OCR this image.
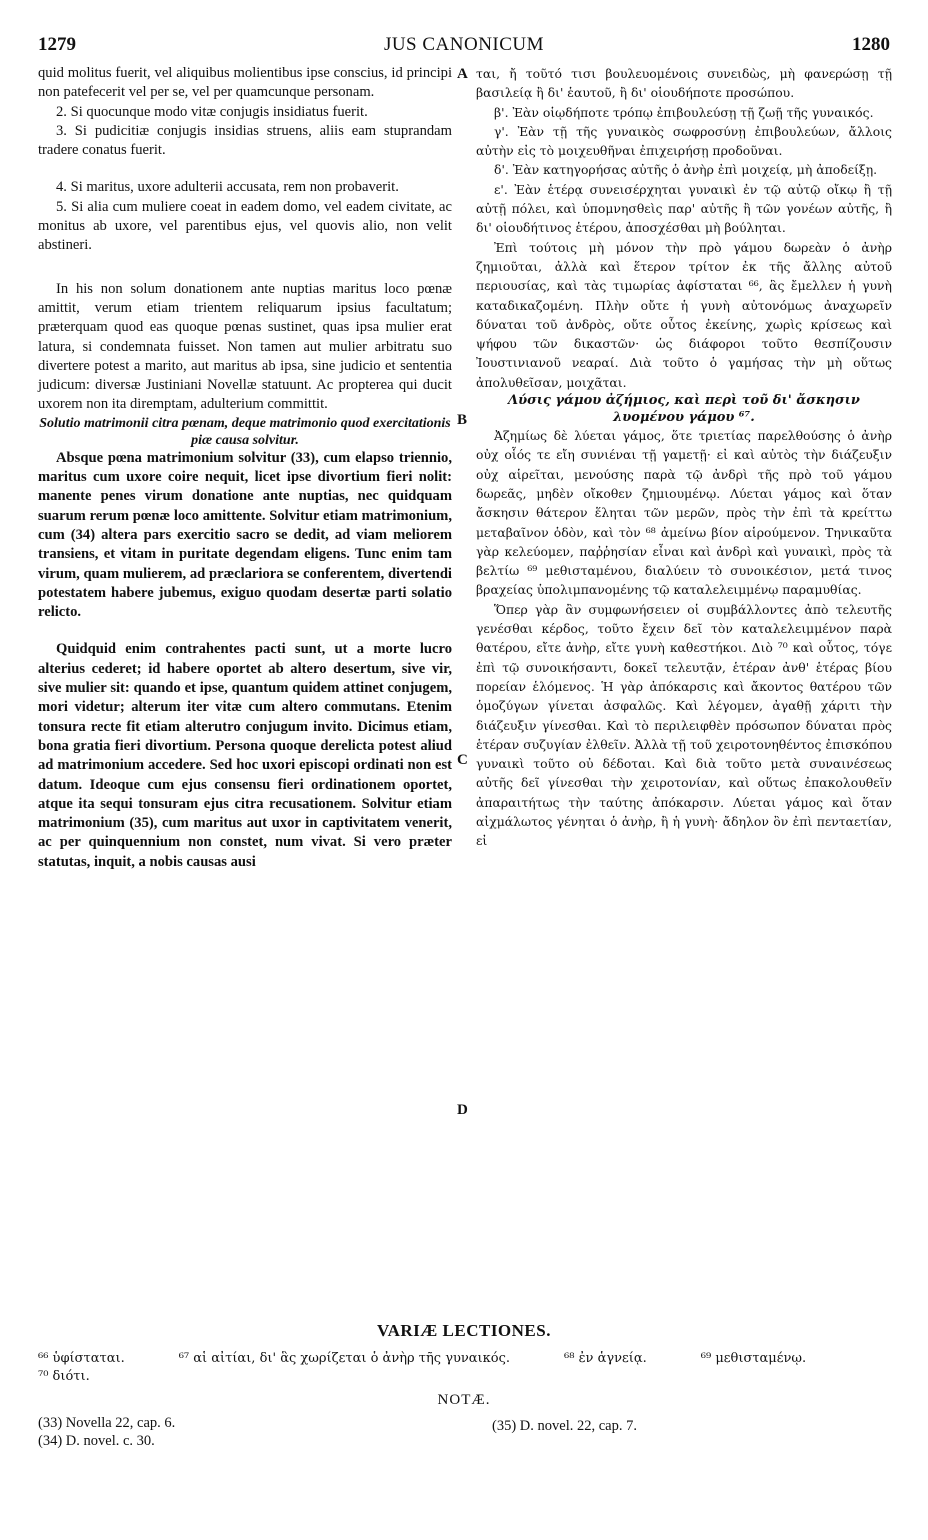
1279	JUS CANONICUM	1280

quid molitus fuerit, vel aliquibus molientibus ipse conscius, id principi non patefecerit vel per se, vel per quamcunque personam.

2. Si quocunque modo vitæ conjugis insidiatus fuerit.

3. Si pudicitiæ conjugis insidias struens, aliis eam stuprandam tradere conatus fuerit.

4. Si maritus, uxore adulterii accusata, rem non probaverit.

5. Si alia cum muliere coeat in eadem domo, vel eadem civitate, ac monitus ab uxore, vel parentibus ejus, vel quovis alio, non velit abstineri.

In his non solum donationem ante nuptias maritus loco pœnæ amittit, verum etiam trientem reliquarum ipsius facultatum; præterquam quod eas quoque pœnas sustinet, quas ipsa mulier erat latura, si condemnata fuisset. Non tamen aut mulier arbitratu suo divertere potest a marito, aut maritus ab ipsa, sine judicio et sententia judicum: diversæ Justiniani Novellæ statuunt. Ac propterea qui ducit uxorem non ita diremptam, adulterium committit.

Solutio matrimonii citra pœnam, deque matrimonio quod exercitationis piæ causa solvitur.

Absque pœna matrimonium solvitur (33), cum elapso triennio, maritus cum uxore coire nequit, licet ipse divortium fieri nolit: manente penes virum donatione ante nuptias, nec quidquam suarum rerum pœnæ loco amittente. Solvitur etiam matrimonium, cum (34) altera pars exercitio sacro se dedit, ad viam meliorem transiens, et vitam in puritate degendam eligens. Tunc enim tam virum, quam mulierem, ad præclariora se conferentem, divertendi potestatem habere jubemus, exiguo quodam desertæ parti solatio relicto.

Quidquid enim contrahentes pacti sunt, ut a morte lucro alterius cederet; id habere oportet ab altero desertum, sive vir, sive mulier sit: quando et ipse, quantum quidem attinet conjugem, mori videtur; alterum iter vitæ cum altero commutans. Etenim tonsura recte fit etiam alterutro conjugum invito. Dicimus etiam, bona gratia fieri divortium. Persona quoque derelicta potest aliud ad matrimonium accedere. Sed hoc uxori episcopi ordinati non est datum. Ideoque cum ejus consensu fieri ordinationem oportet, atque ita sequi tonsuram ejus citra recusationem. Solvitur etiam matrimonium (35), cum maritus aut uxor in captivitatem venerit, ac per quinquennium non constet, num vivat. Si vero præter statutas, inquit, a nobis causas ausi

A
B
C
D

ται, ἤ τοῦτό τισι βουλευομένοις συνειδὼς, μὴ φανερώσῃ τῇ βασιλείᾳ ἢ δι' ἑαυτοῦ, ἢ δι' οἱουδήποτε προσώπου.

β'. Ἐὰν οἱῳδήποτε τρόπῳ ἐπιβουλεύσῃ τῇ ζωῇ τῆς γυναικός.

γ'. Ἐὰν τῇ τῆς γυναικὸς σωφροσύνῃ ἐπιβουλεύων, ἄλλοις αὐτὴν εἰς τὸ μοιχευθῆναι ἐπιχειρήσῃ προδοῦναι.

δ'. Ἐὰν κατηγορήσας αὐτῆς ὁ ἀνὴρ ἐπὶ μοιχείᾳ, μὴ ἀποδείξῃ.

ε'. Ἐὰν ἑτέρᾳ συνεισέρχηται γυναικὶ ἐν τῷ αὐτῷ οἴκῳ ἢ τῇ αὐτῇ πόλει, καὶ ὑπομνησθεὶς παρ' αὐτῆς ἢ τῶν γονέων αὐτῆς, ἢ δι' οἱουδήτινος ἑτέρου, ἀποσχέσθαι μὴ βούληται.

Ἐπὶ τούτοις μὴ μόνον τὴν πρὸ γάμου δωρεὰν ὁ ἀνὴρ ζημιοῦται, ἀλλὰ καὶ ἕτερον τρίτον ἐκ τῆς ἄλλης αὐτοῦ περιουσίας, καὶ τὰς τιμωρίας ἀφίσταται ⁶⁶, ἃς ἔμελλεν ἡ γυνὴ καταδικαζομένη. Πλὴν οὔτε ἡ γυνὴ αὐτονόμως ἀναχωρεῖν δύναται τοῦ ἀνδρὸς, οὔτε οὗτος ἐκείνης, χωρὶς κρίσεως καὶ ψήφου τῶν δικαστῶν· ὡς διάφοροι τοῦτο θεσπίζουσιν Ἰουστινιανοῦ νεαραί. Διὰ τοῦτο ὁ γαμήσας τὴν μὴ οὕτως ἀπολυθεῖσαν, μοιχᾶται.

Λύσις γάμου ἀζήμιος, καὶ περὶ τοῦ δι' ἄσκησιν λυομένου γάμου ⁶⁷.

Ἀζημίως δὲ λύεται γάμος, ὅτε τριετίας παρελθούσης ὁ ἀνὴρ οὐχ οἷός τε εἴη συνιέναι τῇ γαμετῇ· εἰ καὶ αὐτὸς τὴν διάζευξιν οὐχ αἱρεῖται, μενούσης παρὰ τῷ ἀνδρὶ τῆς πρὸ τοῦ γάμου δωρεᾶς, μηδὲν οἴκοθεν ζημιουμένῳ. Λύεται γάμος καὶ ὅταν ἄσκησιν θάτερον ἕληται τῶν μερῶν, πρὸς τὴν ἐπὶ τὰ κρείττω μεταβαῖνον ὁδὸν, καὶ τὸν ⁶⁸ ἀμείνω βίον αἱρούμενον. Τηνικαῦτα γὰρ κελεύομεν, παῤῥησίαν εἶναι καὶ ἀνδρὶ καὶ γυναικὶ, πρὸς τὰ βελτίω ⁶⁹ μεθισταμένου, διαλύειν τὸ συνοικέσιον, μετά τινος βραχείας ὑπολιμπανομένης τῷ καταλελειμμένῳ παραμυθίας.

Ὅπερ γὰρ ἂν συμφωνήσειεν οἱ συμβάλλοντες ἀπὸ τελευτῆς γενέσθαι κέρδος, τοῦτο ἔχειν δεῖ τὸν καταλελειμμένον παρὰ θατέρου, εἴτε ἀνὴρ, εἴτε γυνὴ καθεστήκοι. Διὸ ⁷⁰ καὶ οὗτος, τόγε ἐπὶ τῷ συνοικήσαντι, δοκεῖ τελευτᾷν, ἑτέραν ἀνθ' ἑτέρας βίου πορείαν ἑλόμενος. Ἡ γὰρ ἀπόκαρσις καὶ ἄκοντος θατέρου τῶν ὁμοζύγων γίνεται ἀσφαλῶς. Καὶ λέγομεν, ἀγαθῇ χάριτι τὴν διάζευξιν γίνεσθαι. Καὶ τὸ περιλειφθὲν πρόσωπον δύναται πρὸς ἑτέραν συζυγίαν ἐλθεῖν. Ἀλλὰ τῇ τοῦ χειροτονηθέντος ἐπισκόπου γυναικὶ τοῦτο οὐ δέδοται. Καὶ διὰ τοῦτο μετὰ συναινέσεως αὐτῆς δεῖ γίνεσθαι τὴν χειροτονίαν, καὶ οὕτως ἐπακολουθεῖν ἀπαραιτήτως τὴν ταύτης ἀπόκαρσιν. Λύεται γάμος καὶ ὅταν αἰχμάλωτος γένηται ὁ ἀνὴρ, ἢ ἡ γυνὴ· ἄδηλον ὂν ἐπὶ πενταετίαν, εἰ

VARIÆ LECTIONES.
⁶⁶ ὑφίσταται.	⁶⁷ αἱ αἰτίαι, δι' ἃς χωρίζεται ὁ ἀνὴρ τῆς γυναικός.	⁶⁸ ἐν ἁγνείᾳ.	⁶⁹ μεθισταμένῳ.
⁷⁰ διότι.
NOTÆ.
(33) Novella 22, cap. 6.
(34) D. novel. c. 30.
(35) D. novel. 22, cap. 7.
